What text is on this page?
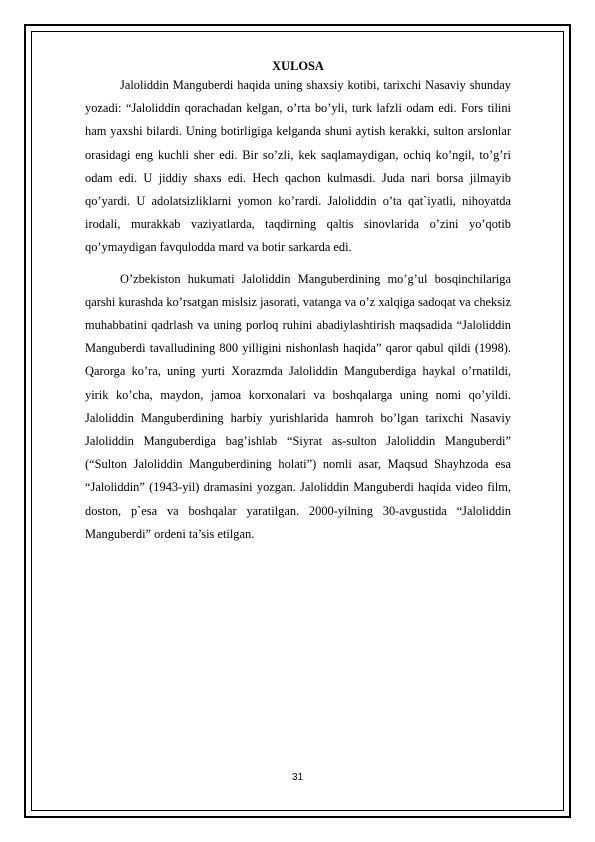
XULOSA

Jaloliddin Manguberdi haqida uning shaxsiy kotibi, tarixchi Nasaviy shunday yozadi: “Jaloliddin qorachadan kelgan, o’rta bo’yli, turk lafzli odam edi. Fors tilini ham yaxshi bilardi. Uning botirligiga kelganda shuni aytish kerakki, sulton arslonlar orasidagi eng kuchli sher edi. Bir so’zli, kek saqlamaydigan, ochiq ko’ngil, to’g’ri odam edi. U jiddiy shaxs edi. Hech qachon kulmasdi. Juda nari borsa jilmayib qo’yardi. U adolatsizliklarni yomon ko’rardi. Jaloliddin o’ta qat`iyatli, nihoyatda irodali, murakkab vaziyatlarda, taqdirning qaltis sinovlarida o’zini yo’qotib qo’ymaydigan favqulodda mard va botir sarkarda edi.

O’zbekiston hukumati Jaloliddin Manguberdining mo’g’ul bosqinchilariga qarshi kurashda ko’rsatgan mislsiz jasorati, vatanga va o’z xalqiga sadoqat va cheksiz muhabbatini qadrlash va uning porloq ruhini abadiylashtirish maqsadida “Jaloliddin Manguberdi tavalludining 800 yilligini nishonlash haqida” qaror qabul qildi (1998). Qarorga ko’ra, uning yurti Xorazmda Jaloliddin Manguberdiga haykal o’rnatildi, yirik ko’cha, maydon, jamoa korxonalari va boshqalarga uning nomi qo’yildi. Jaloliddin Manguberdining harbiy yurishlarida hamroh bo’lgan tarixchi Nasaviy Jaloliddin Manguberdiga bag’ishlab “Siyrat as-sulton Jaloliddin Manguberdi” (“Sulton Jaloliddin Manguberdining holati”) nomli asar, Maqsud Shayhzoda esa “Jaloliddin” (1943-yil) dramasini yozgan. Jaloliddin Manguberdi haqida video film, doston, p`esa va boshqalar yaratilgan. 2000-yilning 30-avgustida “Jaloliddin Manguberdi” ordeni ta’sis etilgan.

31
